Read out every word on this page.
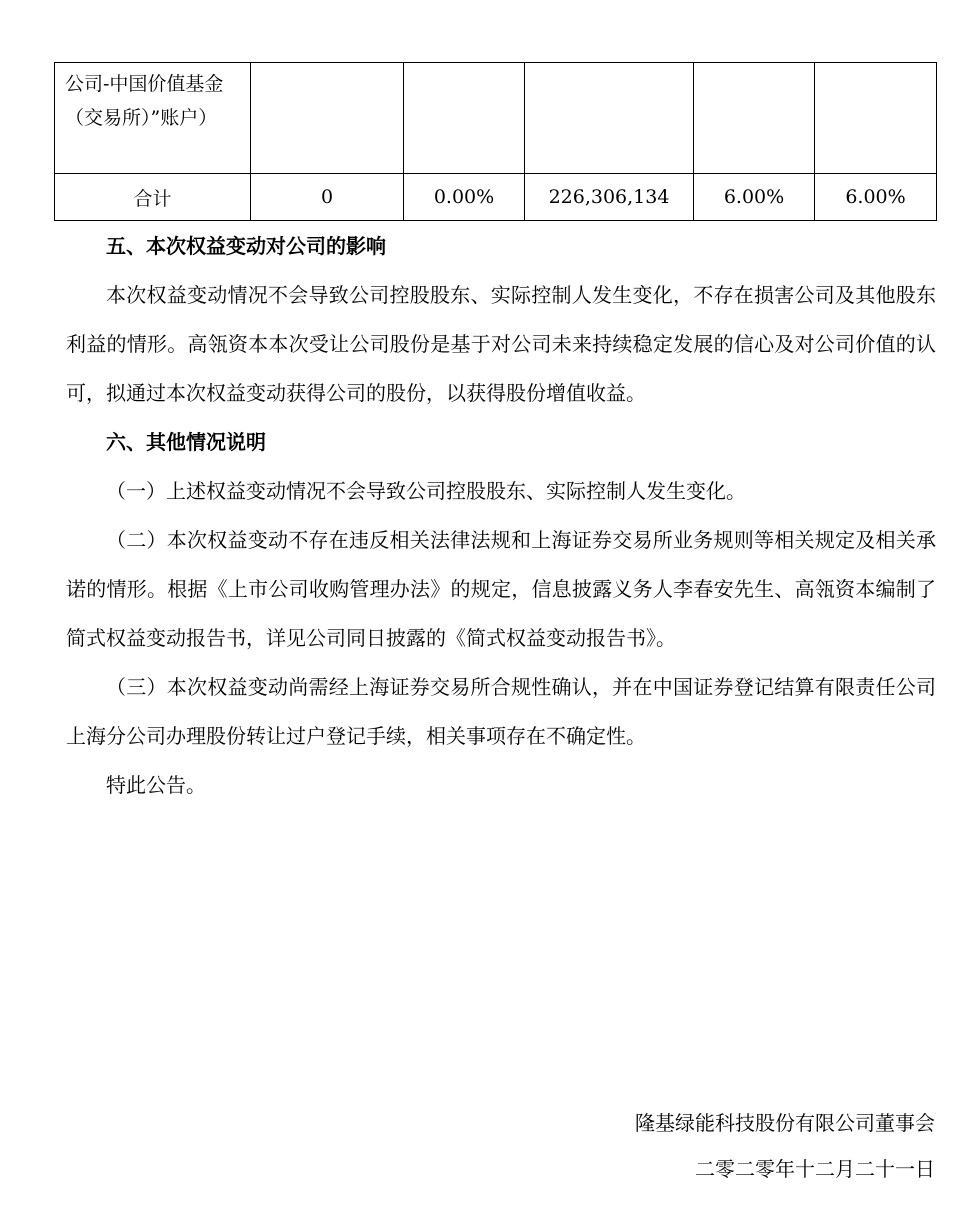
公司-中国价值基金（交易所）”账户）					
合计	0	0.00%	226,306,134	6.00%	6.00%

五、本次权益变动对公司的影响

本次权益变动情况不会导致公司控股股东、实际控制人发生变化，不存在损害公司及其他股东利益的情形。高瓴资本本次受让公司股份是基于对公司未来持续稳定发展的信心及对公司价值的认可，拟通过本次权益变动获得公司的股份，以获得股份增值收益。

六、其他情况说明

（一）上述权益变动情况不会导致公司控股股东、实际控制人发生变化。

（二）本次权益变动不存在违反相关法律法规和上海证券交易所业务规则等相关规定及相关承诺的情形。根据《上市公司收购管理办法》的规定，信息披露义务人李春安先生、高瓴资本编制了简式权益变动报告书，详见公司同日披露的《简式权益变动报告书》。

（三）本次权益变动尚需经上海证券交易所合规性确认，并在中国证券登记结算有限责任公司上海分公司办理股份转让过户登记手续，相关事项存在不确定性。

特此公告。

隆基绿能科技股份有限公司董事会
二零二零年十二月二十一日
